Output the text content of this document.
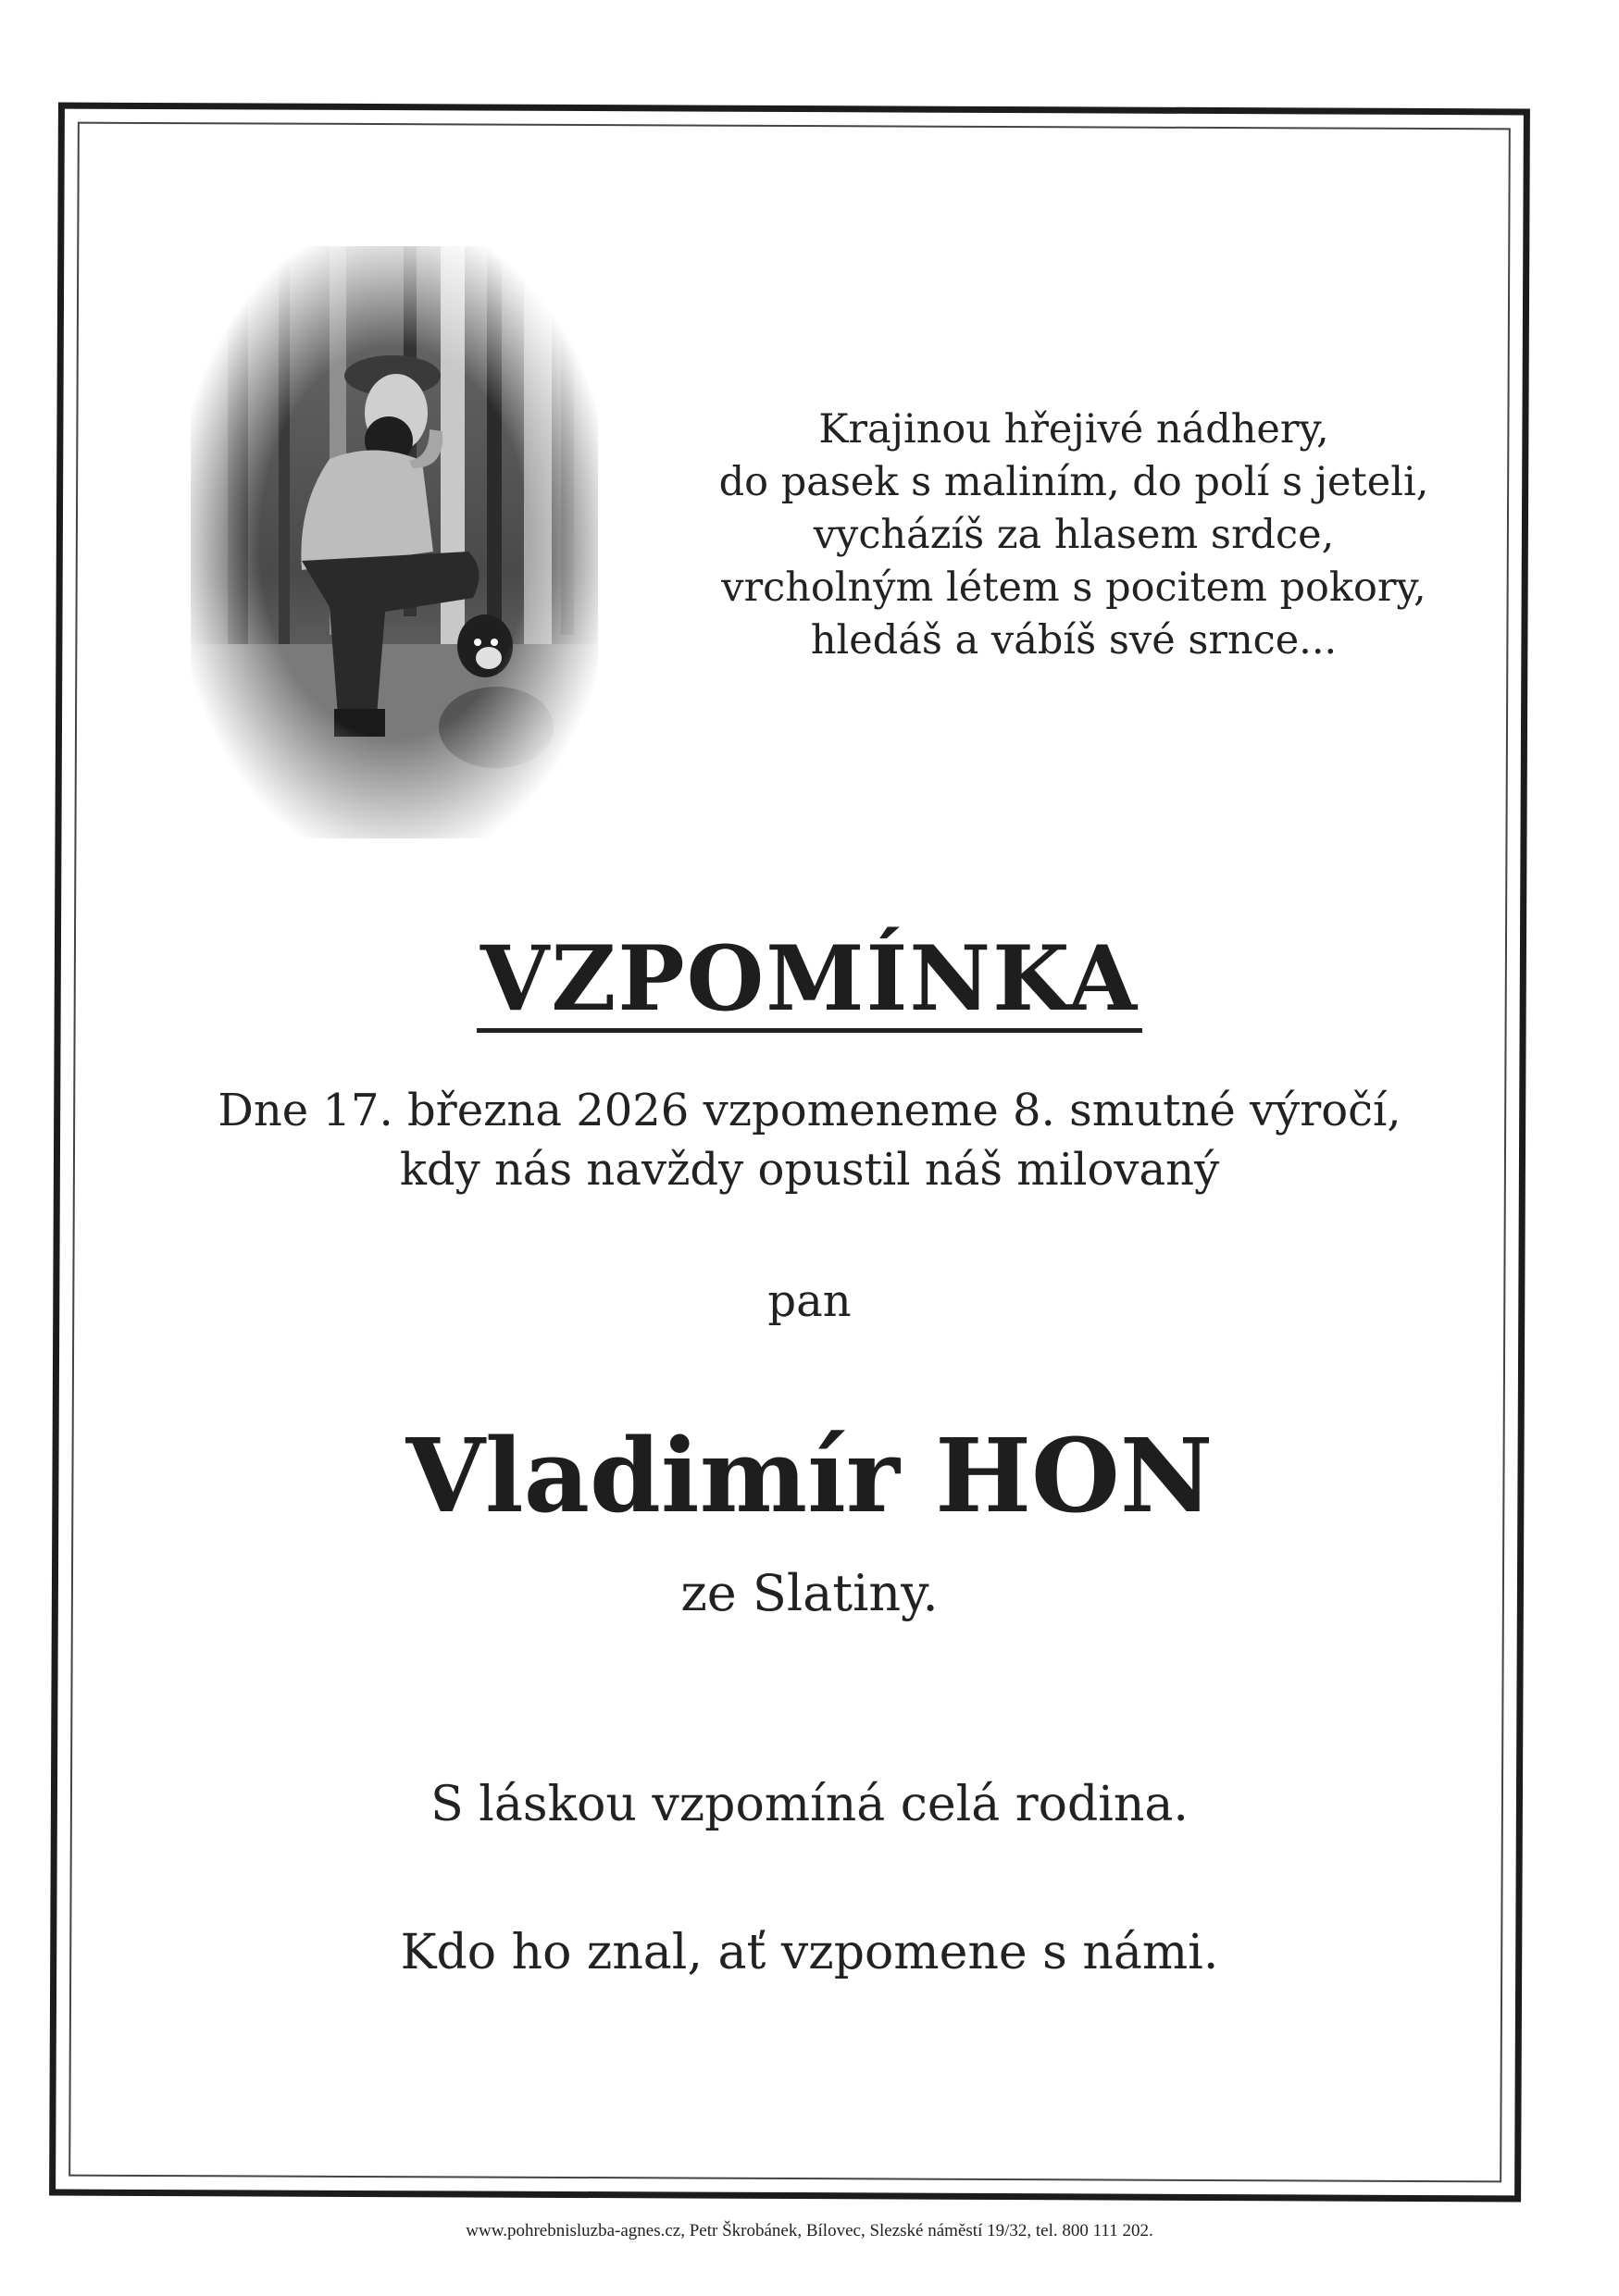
Krajinou hřejivé nádhery,
do pasek s maliním, do polí s jeteli,
vycházíš za hlasem srdce,
vrcholným létem s pocitem pokory,
hledáš a vábíš své srnce...
VZPOMÍNKA
Dne 17. března 2026 vzpomeneme 8. smutné výročí,
kdy nás navždy opustil náš milovaný
pan
Vladimír HON
ze Slatiny.
S láskou vzpomíná celá rodina.
Kdo ho znal, ať vzpomene s námi.
www.pohrebnisluzba-agnes.cz, Petr Škrobánek, Bílovec, Slezské náměstí 19/32, tel. 800 111 202.
